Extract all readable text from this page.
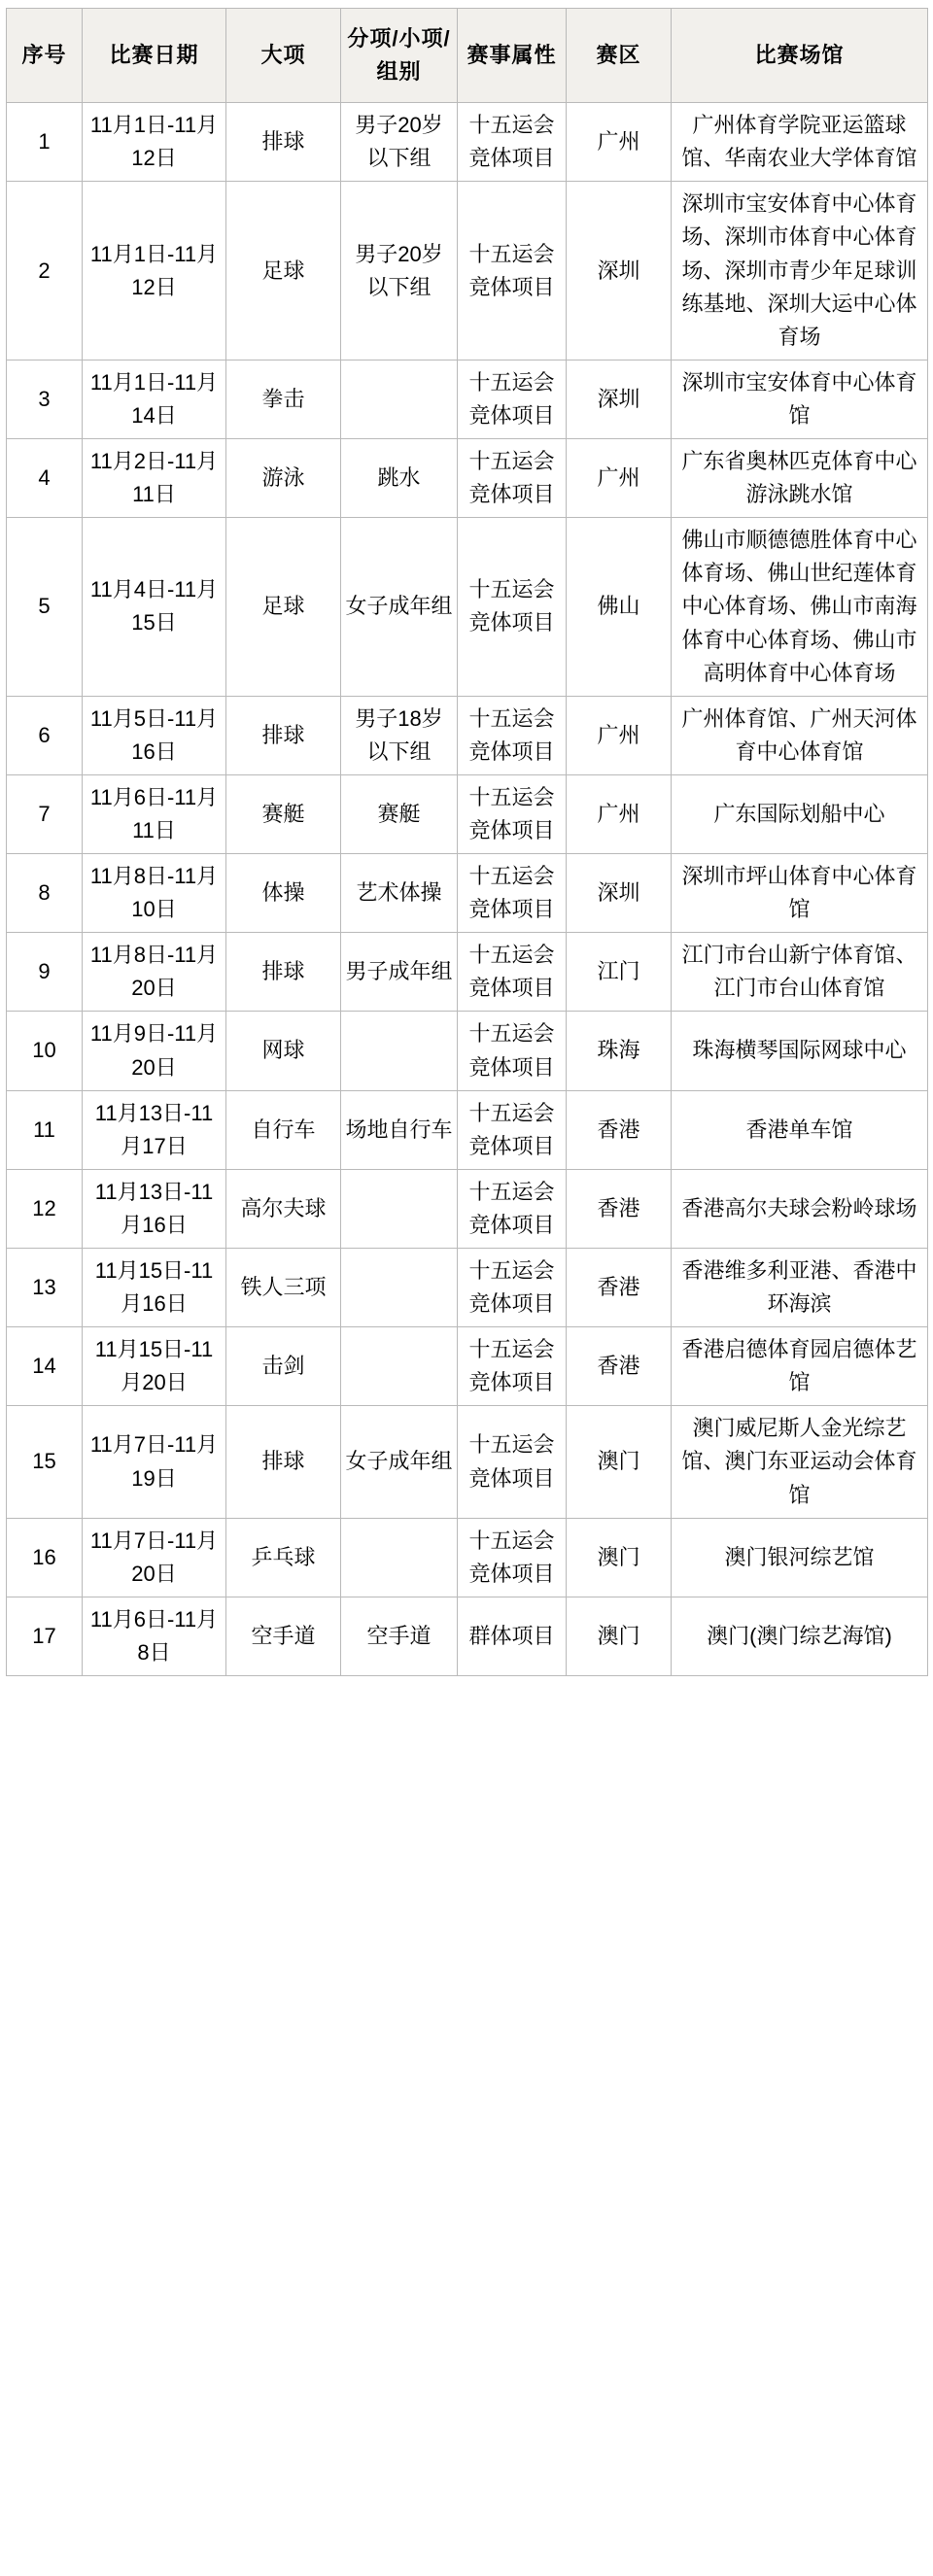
序号	比赛日期	大项	分项/小项/组别	赛事属性	赛区	比赛场馆
1	11月1日-11月12日	排球	男子20岁以下组	十五运会竞体项目	广州	广州体育学院亚运篮球馆、华南农业大学体育馆
2	11月1日-11月12日	足球	男子20岁以下组	十五运会竞体项目	深圳	深圳市宝安体育中心体育场、深圳市体育中心体育场、深圳市青少年足球训练基地、深圳大运中心体育场
3	11月1日-11月14日	拳击		十五运会竞体项目	深圳	深圳市宝安体育中心体育馆
4	11月2日-11月11日	游泳	跳水	十五运会竞体项目	广州	广东省奥林匹克体育中心游泳跳水馆
5	11月4日-11月15日	足球	女子成年组	十五运会竞体项目	佛山	佛山市顺德德胜体育中心体育场、佛山世纪莲体育中心体育场、佛山市南海体育中心体育场、佛山市高明体育中心体育场
6	11月5日-11月16日	排球	男子18岁以下组	十五运会竞体项目	广州	广州体育馆、广州天河体育中心体育馆
7	11月6日-11月11日	赛艇	赛艇	十五运会竞体项目	广州	广东国际划船中心
8	11月8日-11月10日	体操	艺术体操	十五运会竞体项目	深圳	深圳市坪山体育中心体育馆
9	11月8日-11月20日	排球	男子成年组	十五运会竞体项目	江门	江门市台山新宁体育馆、江门市台山体育馆
10	11月9日-11月20日	网球		十五运会竞体项目	珠海	珠海横琴国际网球中心
11	11月13日-11月17日	自行车	场地自行车	十五运会竞体项目	香港	香港单车馆
12	11月13日-11月16日	高尔夫球		十五运会竞体项目	香港	香港高尔夫球会粉岭球场
13	11月15日-11月16日	铁人三项		十五运会竞体项目	香港	香港维多利亚港、香港中环海滨
14	11月15日-11月20日	击剑		十五运会竞体项目	香港	香港启德体育园启德体艺馆
15	11月7日-11月19日	排球	女子成年组	十五运会竞体项目	澳门	澳门威尼斯人金光综艺馆、澳门东亚运动会体育馆
16	11月7日-11月20日	乒乓球		十五运会竞体项目	澳门	澳门银河综艺馆
17	11月6日-11月8日	空手道	空手道	群体项目	澳门	澳门(澳门综艺海馆)
